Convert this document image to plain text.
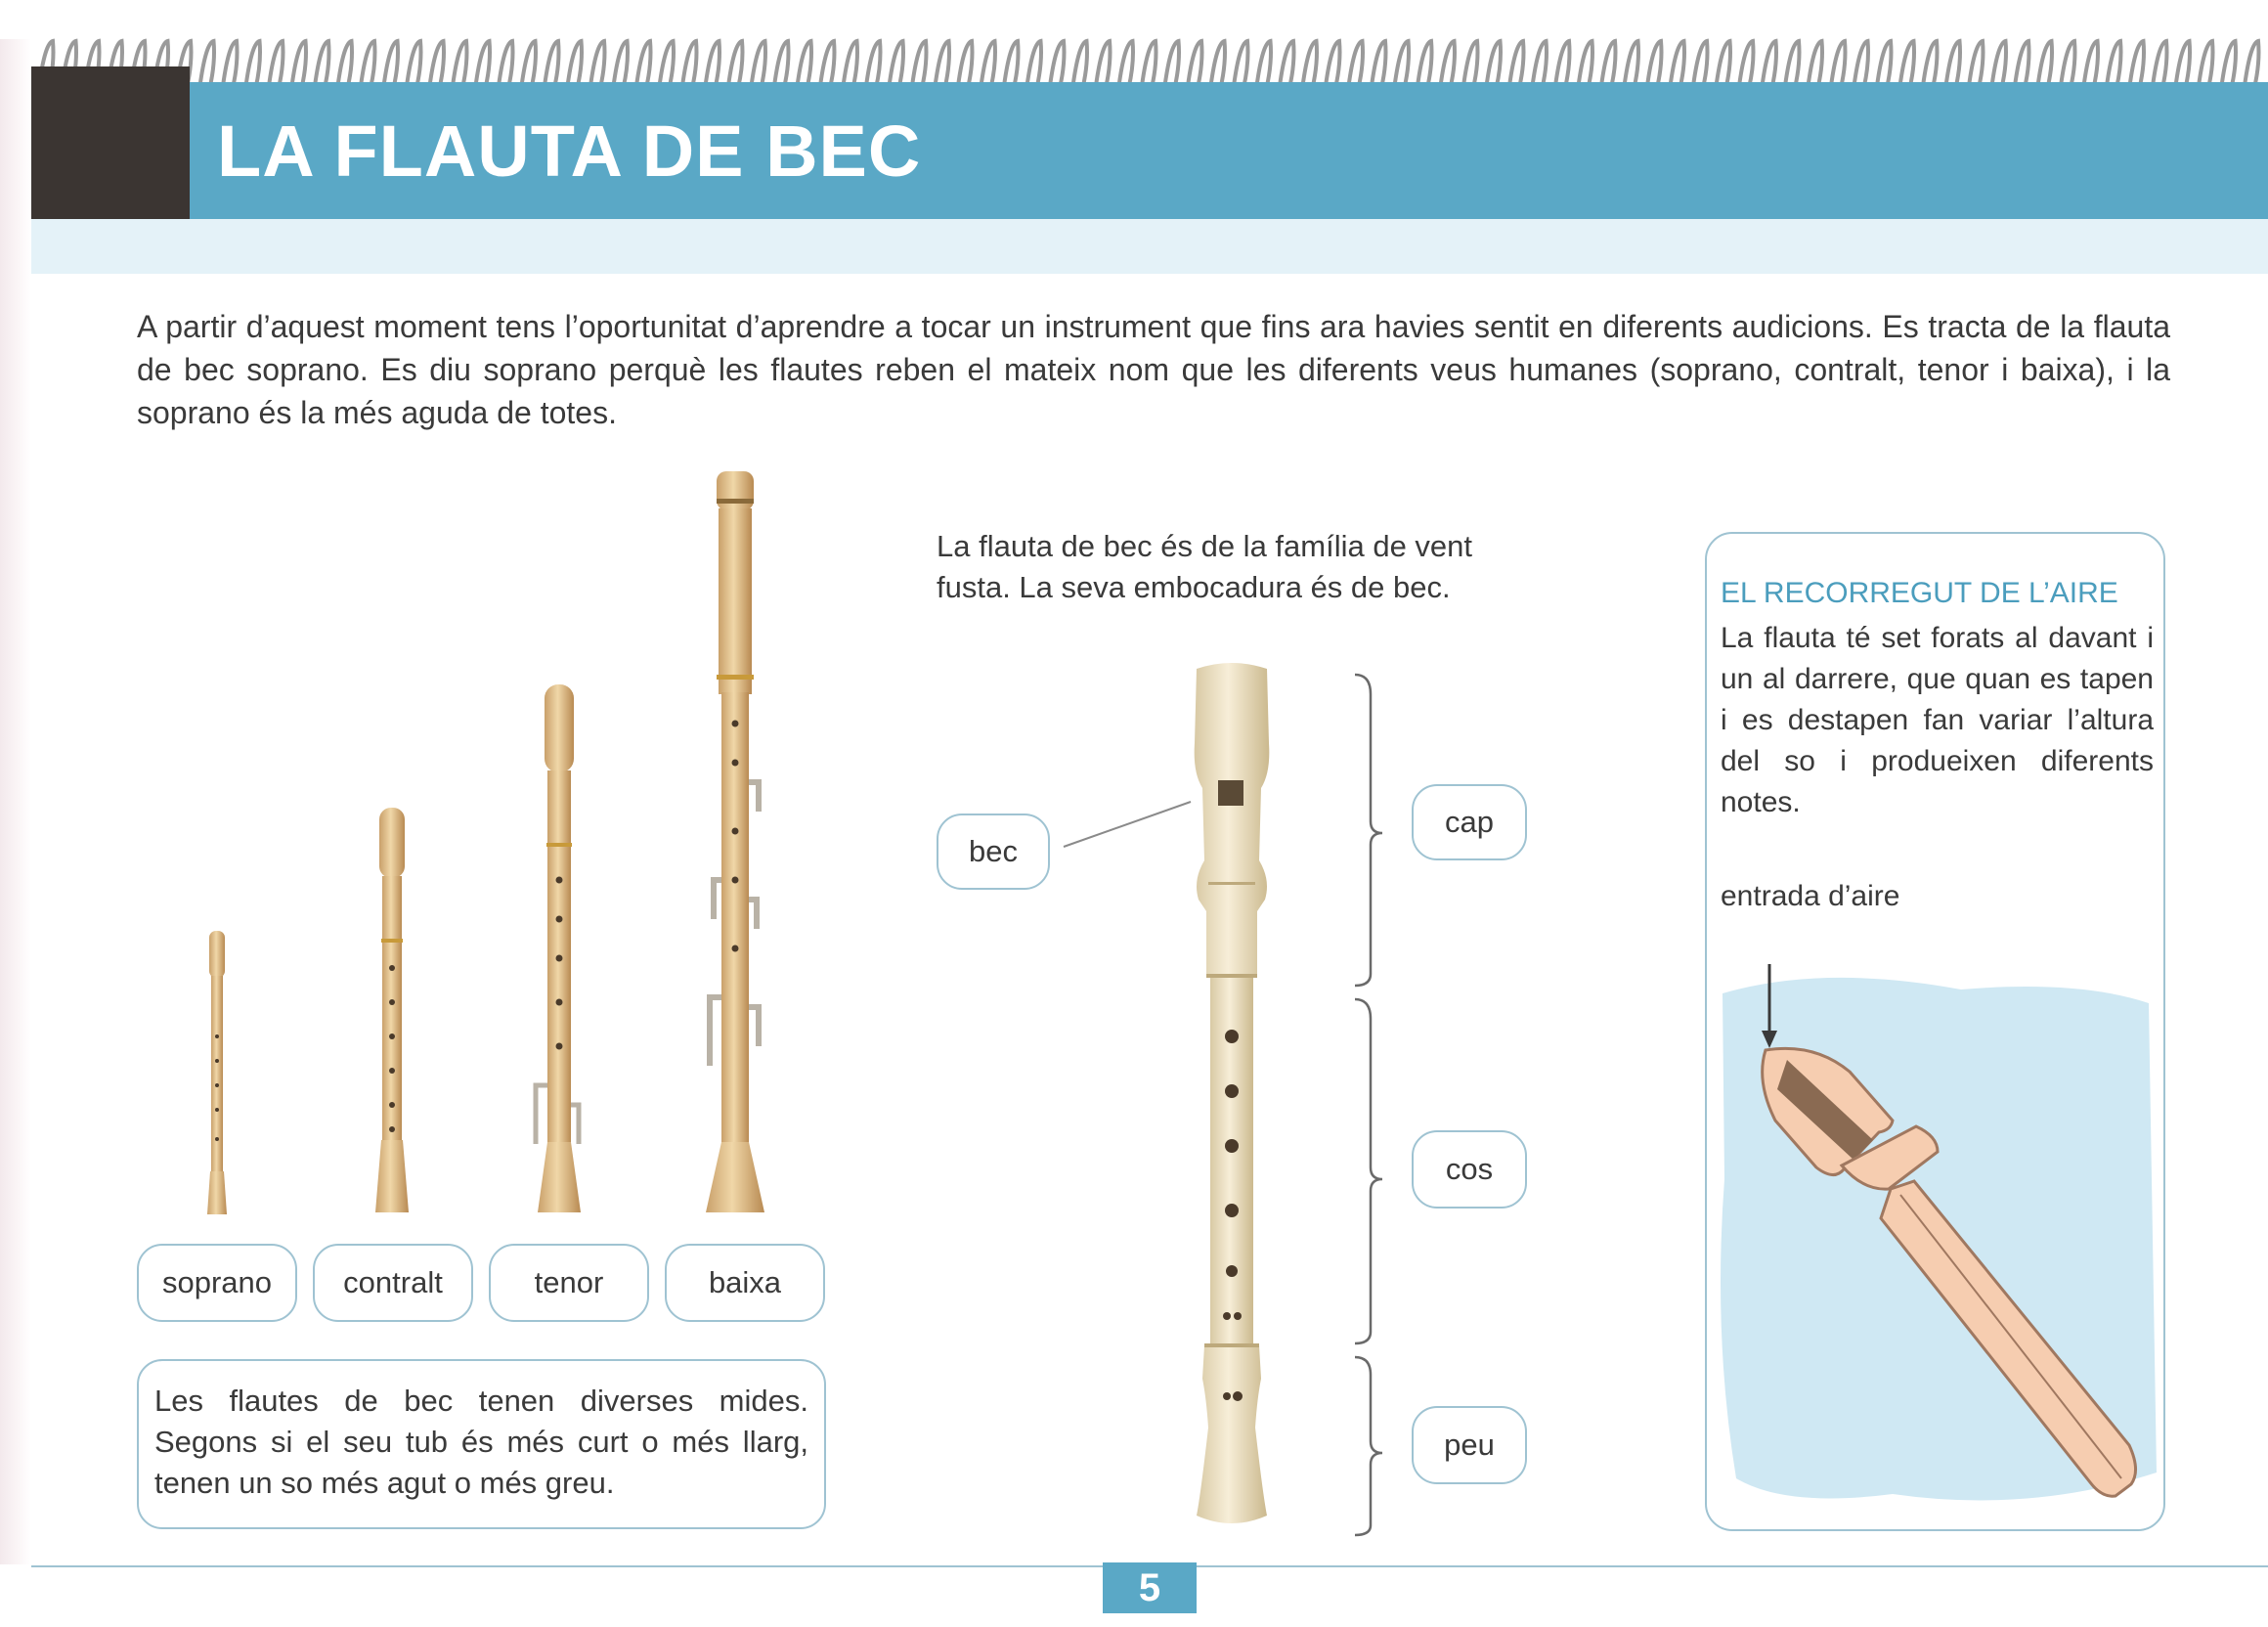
LA FLAUTA DE BEC

A partir d’aquest moment tens l’oportunitat d’aprendre a tocar un instrument que fins ara havies sentit en diferents audicions. Es tracta de la flauta de bec soprano. Es diu soprano perquè les flautes reben el mateix nom que les diferents veus humanes (soprano, contralt, tenor i baixa), i la soprano és la més aguda de totes.

soprano	contralt	tenor	baixa
Les flautes de bec tenen diverses mides. Segons si el seu tub és més curt o més llarg, tenen un so més agut o més greu.

La flauta de bec és de la família de vent fusta. La seva embocadura és de bec.

bec
cap
cos
peu
EL RECORREGUT DE L’AIRE

La flauta té set forats al davant i un al darrere, que quan es tapen i es destapen fan variar l’altura del so i produeixen diferents notes.

entrada d’aire
5
